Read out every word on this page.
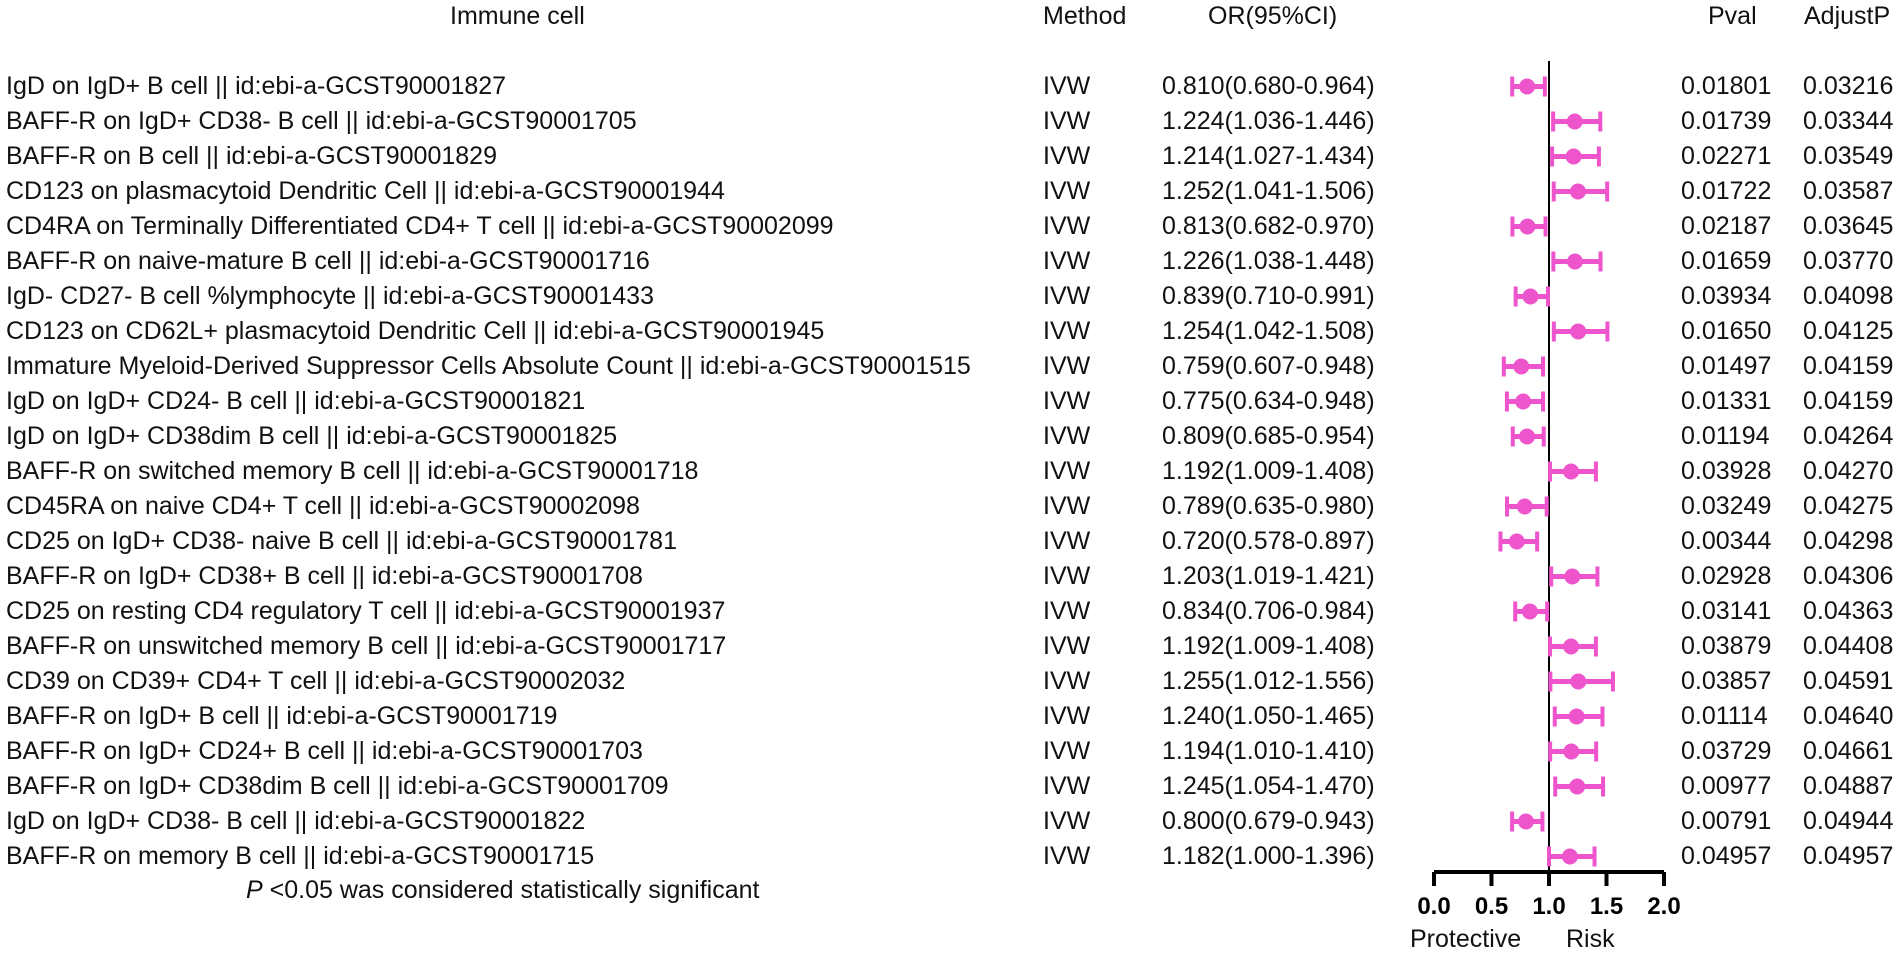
Immune cell	Method	OR(95%CI)	Pval AdjustP
IgD on IgD+ B cell || id:ebi-a-GCST90001827	IVW	0.810(0.680-0.964)	0.01801 0.03216
BAFF-R on IgD+ CD38- B cell || id:ebi-a-GCST90001705	IVW	1.224(1.036-1.446)	0.01739 0.03344
BAFF-R on B cell || id:ebi-a-GCST90001829	IVW	1.214(1.027-1.434)	0.02271 0.03549
CD123 on plasmacytoid Dendritic Cell || id:ebi-a-GCST90001944	IVW	1.252(1.041-1.506)	0.01722 0.03587
CD4RA on Terminally Differentiated CD4+ T cell || id:ebi-a-GCST90002099	IVW	0.813(0.682-0.970)	0.02187 0.03645
BAFF-R on naive-mature B cell || id:ebi-a-GCST90001716	IVW	1.226(1.038-1.448)	0.01659 0.03770
IgD- CD27- B cell %lymphocyte || id:ebi-a-GCST90001433	IVW	0.839(0.710-0.991)	0.03934 0.04098
CD123 on CD62L+ plasmacytoid Dendritic Cell || id:ebi-a-GCST90001945	IVW	1.254(1.042-1.508)	0.01650 0.04125
Immature Myeloid-Derived Suppressor Cells Absolute Count || id:ebi-a-GCST90001515	IVW	0.759(0.607-0.948)	0.01497 0.04159
IgD on IgD+ CD24- B cell || id:ebi-a-GCST90001821	IVW	0.775(0.634-0.948)	0.01331 0.04159
IgD on IgD+ CD38dim B cell || id:ebi-a-GCST90001825	IVW	0.809(0.685-0.954)	0.01194 0.04264
BAFF-R on switched memory B cell || id:ebi-a-GCST90001718	IVW	1.192(1.009-1.408)	0.03928 0.04270
CD45RA on naive CD4+ T cell || id:ebi-a-GCST90002098	IVW	0.789(0.635-0.980)	0.03249 0.04275
CD25 on IgD+ CD38- naive B cell || id:ebi-a-GCST90001781	IVW	0.720(0.578-0.897)	0.00344 0.04298
BAFF-R on IgD+ CD38+ B cell || id:ebi-a-GCST90001708	IVW	1.203(1.019-1.421)	0.02928 0.04306
CD25 on resting CD4 regulatory T cell || id:ebi-a-GCST90001937	IVW	0.834(0.706-0.984)	0.03141 0.04363
BAFF-R on unswitched memory B cell || id:ebi-a-GCST90001717	IVW	1.192(1.009-1.408)	0.03879 0.04408
CD39 on CD39+ CD4+ T cell || id:ebi-a-GCST90002032	IVW	1.255(1.012-1.556)	0.03857 0.04591
BAFF-R on IgD+ B cell || id:ebi-a-GCST90001719	IVW	1.240(1.050-1.465)	0.01114 0.04640
BAFF-R on IgD+ CD24+ B cell || id:ebi-a-GCST90001703	IVW	1.194(1.010-1.410)	0.03729 0.04661
BAFF-R on IgD+ CD38dim B cell || id:ebi-a-GCST90001709	IVW	1.245(1.054-1.470)	0.00977 0.04887
IgD on IgD+ CD38- B cell || id:ebi-a-GCST90001822	IVW	0.800(0.679-0.943)	0.00791 0.04944
BAFF-R on memory B cell || id:ebi-a-GCST90001715	IVW	1.182(1.000-1.396)	0.04957 0.04957
0.0 0.5 1.0 1.5 2.0
P <0.05 was considered statistically significant
Protective Risk
